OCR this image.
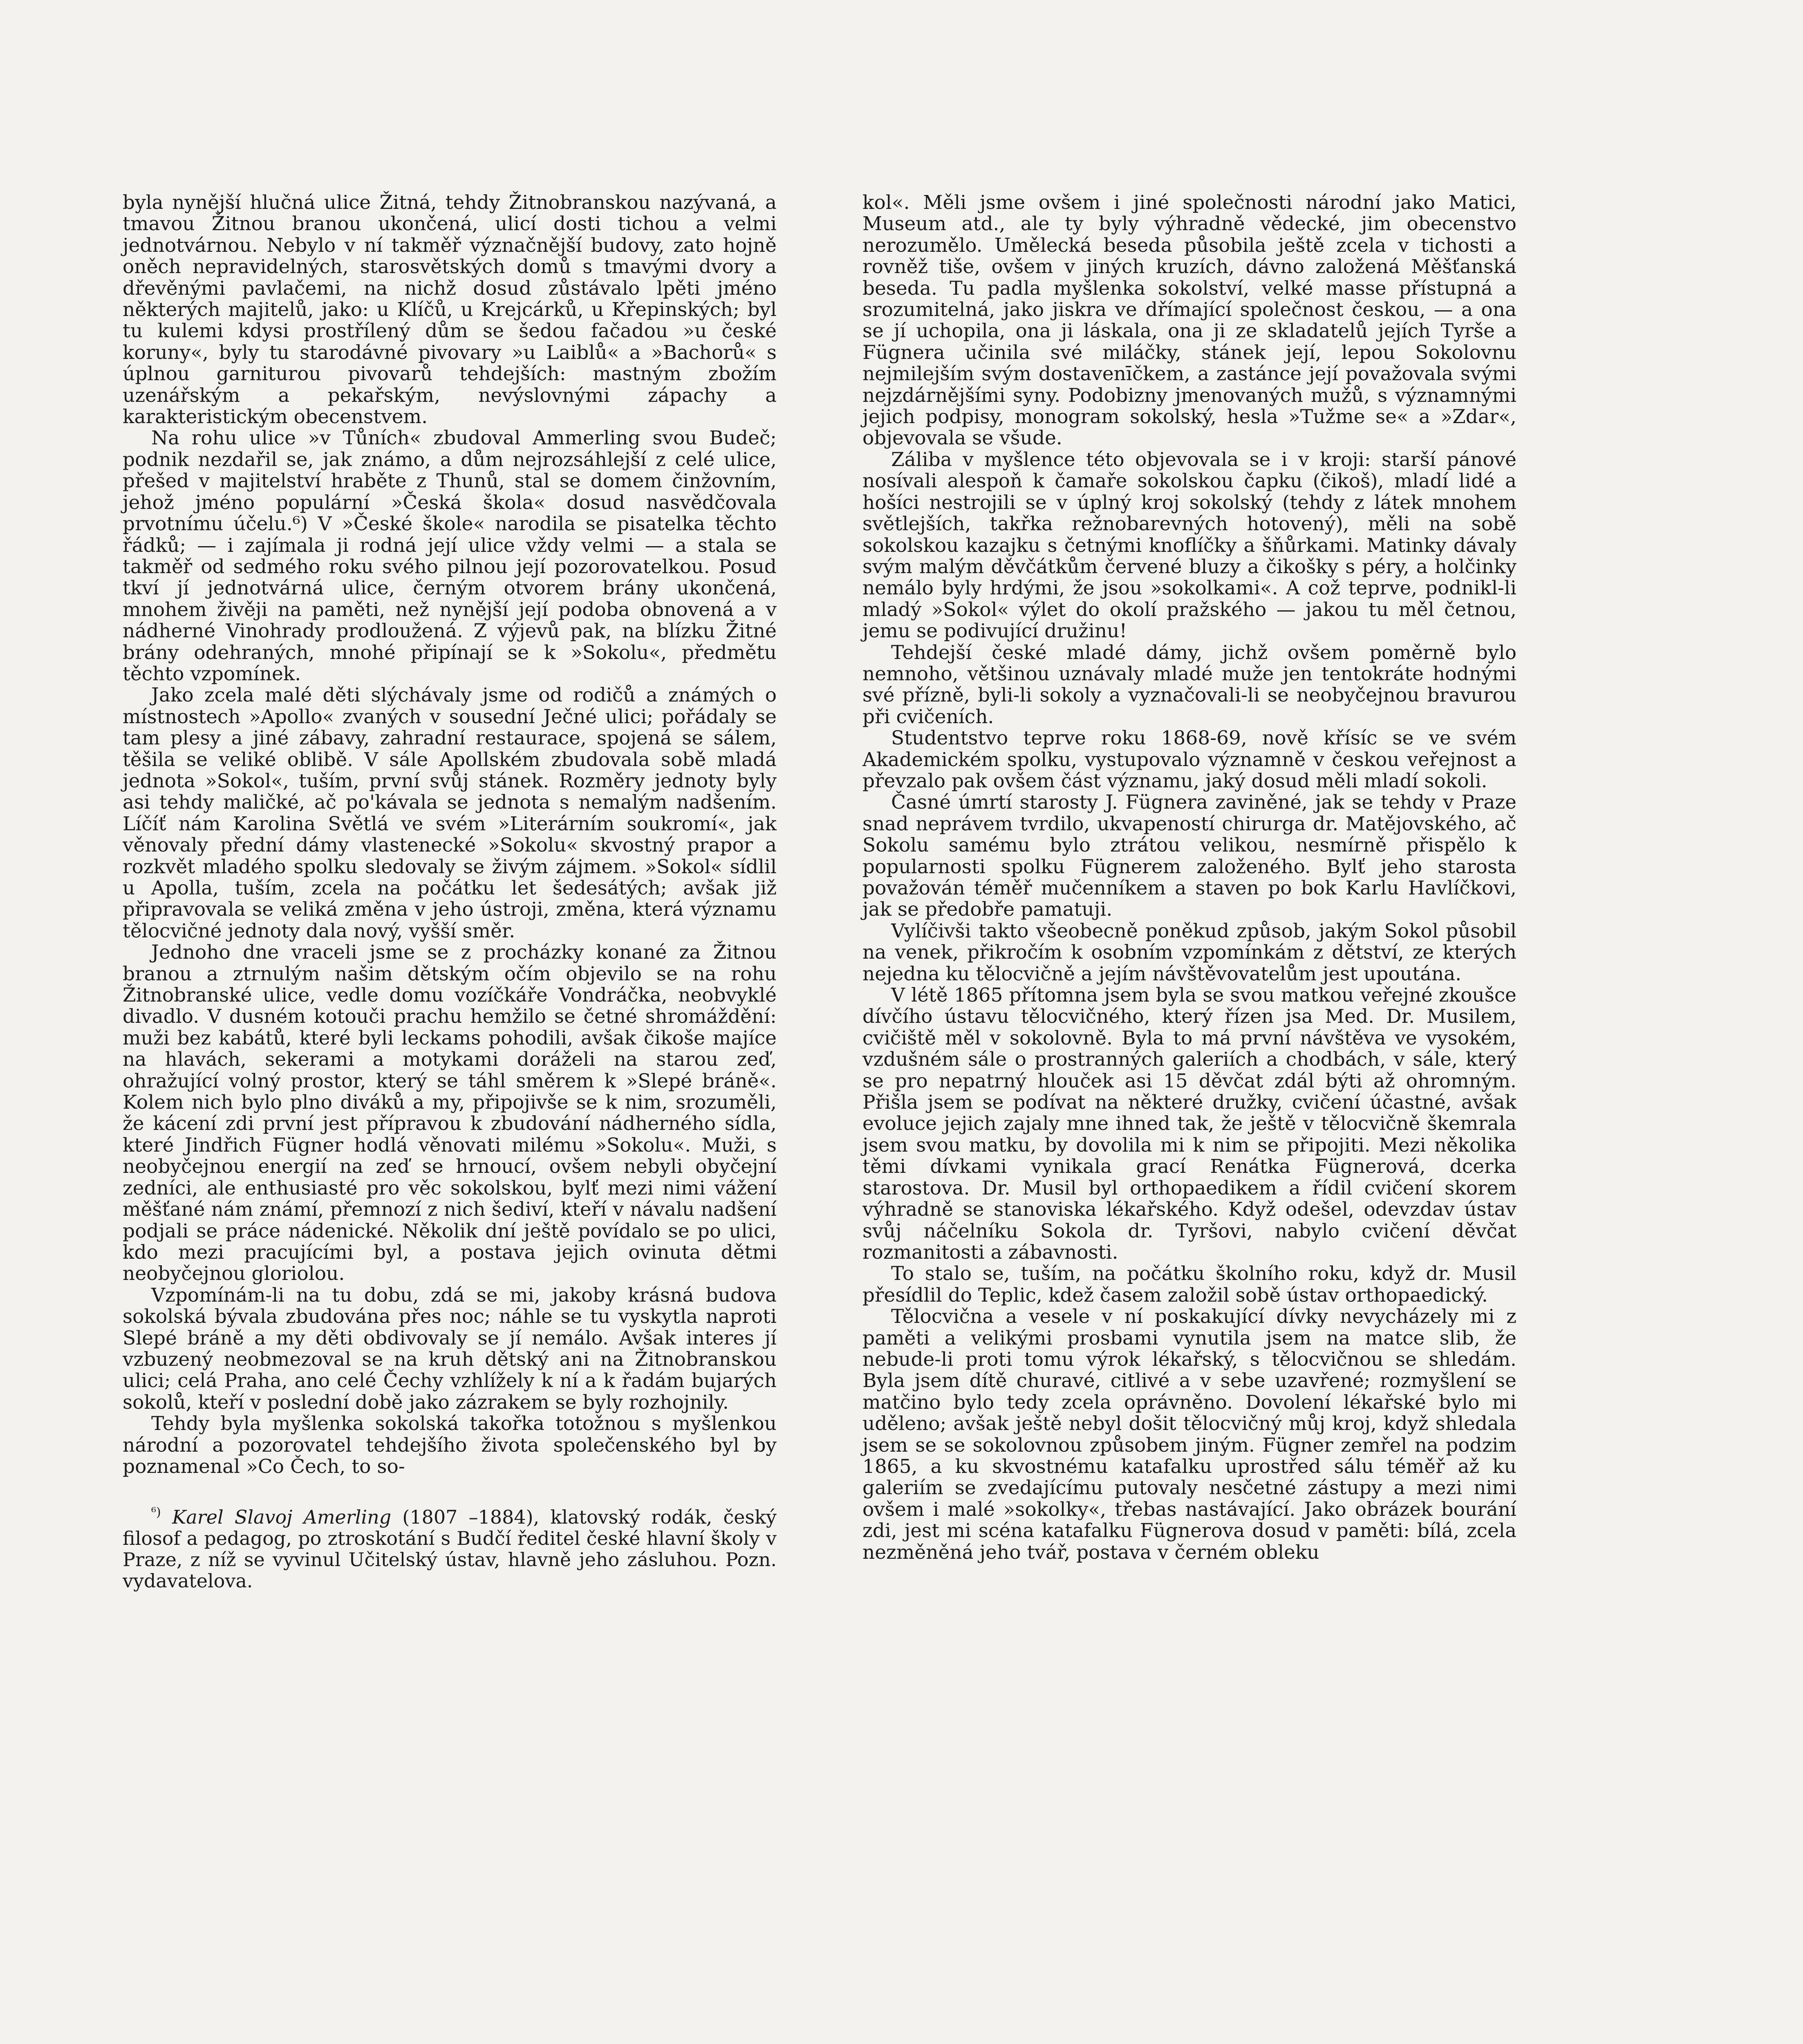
byla nynější hlučná ulice Žitná, tehdy Žitnobranskou nazývaná, a tmavou Žitnou branou ukončená, ulicí dosti tichou a velmi jednotvárnou. Nebylo v ní takměř význačnější budovy, zato hojně oněch nepravidelných, starosvětských domů s tmavými dvory a dřevěnými pavlačemi, na nichž dosud zůstávalo lpěti jméno některých majitelů, jako: u Klíčů, u Krejcárků, u Křepinských; byl tu kulemi kdysi prostřílený dům se šedou fačadou »u české koruny«, byly tu starodávné pivovary »u Laiblů« a »Bachorů« s úplnou garniturou pivovarů tehdejších: mastným zbožím uzenářským a pekařským, nevýslovnými zápachy a karakteristickým obecenstvem.

Na rohu ulice »v Tůních« zbudoval Ammerling svou Budeč; podnik nezdařil se, jak známo, a dům nejrozsáhlejší z celé ulice, přešed v majitelství hraběte z Thunů, stal se domem činžovním, jehož jméno populární »Česká škola« dosud nasvědčovala prvotnímu účelu.⁶) V »České škole« narodila se pisatelka těchto řádků; — i zajímala ji rodná její ulice vždy velmi — a stala se takměř od sedmého roku svého pilnou její pozorovatelkou. Posud tkví jí jednotvárná ulice, černým otvorem brány ukončená, mnohem živěji na paměti, než nynější její podoba obnovená a v nádherné Vinohrady prodloužená. Z výjevů pak, na blízku Žitné brány odehraných, mnohé připínají se k »Sokolu«, předmětu těchto vzpomínek.

Jako zcela malé děti slýchávaly jsme od rodičů a známých o místnostech »Apollo« zvaných v sousední Ječné ulici; pořádaly se tam plesy a jiné zábavy, zahradní restaurace, spojená se sálem, těšila se veliké oblibě. V sále Apollském zbudovala sobě mladá jednota »Sokol«, tuším, první svůj stánek. Rozměry jednoty byly asi tehdy maličké, ač po'kávala se jednota s nemalým nadšením. Líčíť nám Karolina Světlá ve svém »Literárním soukromí«, jak věnovaly přední dámy vlastenecké »Sokolu« skvostný prapor a rozkvět mladého spolku sledovaly se živým zájmem. »Sokol« sídlil u Apolla, tuším, zcela na počátku let šedesátých; avšak již připravovala se veliká změna v jeho ústroji, změna, která významu tělocvičné jednoty dala nový, vyšší směr.

Jednoho dne vraceli jsme se z procházky konané za Žitnou branou a ztrnulým našim dětským očím objevilo se na rohu Žitnobranské ulice, vedle domu vozíčkáře Vondráčka, neobvyklé divadlo. V dusném kotouči prachu hemžilo se četné shromáždění: muži bez kabátů, které byli leckams pohodili, avšak čikoše majíce na hlavách, sekerami a motykami doráželi na starou zeď, ohražující volný prostor, který se táhl směrem k »Slepé bráně«. Kolem nich bylo plno diváků a my, připojivše se k nim, srozuměli, že kácení zdi první jest přípravou k zbudování nádherného sídla, které Jindřich Fügner hodlá věnovati milému »Sokolu«. Muži, s neobyčejnou energií na zeď se hrnoucí, ovšem nebyli obyčejní zedníci, ale enthusiasté pro věc sokolskou, bylť mezi nimi vážení měšťané nám známí, přemnozí z nich šediví, kteří v návalu nadšení podjali se práce nádenické. Několik dní ještě povídalo se po ulici, kdo mezi pracujícími byl, a postava jejich ovinuta dětmi neobyčejnou gloriolou.

Vzpomínám-li na tu dobu, zdá se mi, jakoby krásná budova sokolská bývala zbudována přes noc; náhle se tu vyskytla naproti Slepé bráně a my děti obdivovaly se jí nemálo. Avšak interes jí vzbuzený neobmezoval se na kruh dětský ani na Žitnobranskou ulici; celá Praha, ano celé Čechy vzhlížely k ní a k řadám bujarých sokolů, kteří v poslední době jako zázrakem se byly rozhojnily.

Tehdy byla myšlenka sokolská takořka totožnou s myšlenkou národní a pozorovatel tehdejšího života společenského byl by poznamenal »Co Čech, to so-

$^{^6)}$ Karel Slavoj Amerling (1807 –1884), klatovský rodák, český filosof a pedagog, po ztroskotání s Budčí ředitel české hlavní školy v Praze, z níž se vyvinul Učitelský ústav, hlavně jeho zásluhou. Pozn. vydavatelova.

kol«. Měli jsme ovšem i jiné společnosti národní jako Matici, Museum atd., ale ty byly výhradně vědecké, jim obecenstvo nerozumělo. Umělecká beseda působila ještě zcela v tichosti a rovněž tiše, ovšem v jiných kruzích, dávno založená Měšťanská beseda. Tu padla myšlenka sokolství, velké masse přístupná a srozumitelná, jako jiskra ve dřímající společnost českou, — a ona se jí uchopila, ona ji láskala, ona ji ze skladatelů jejích Tyrše a Fügnera učinila své miláčky, stánek její, lepou Sokolovnu nejmilejším svým dostavenīčkem, a zastánce její považovala svými nejzdárnějšími syny. Podobizny jmenovaných mužů, s významnými jejich podpisy, monogram sokolský, hesla »Tužme se« a »Zdar«, objevovala se všude.

Záliba v myšlence této objevovala se i v kroji: starší pánové nosívali alespoň k čamaře sokolskou čapku (čikoš), mladí lidé a hošíci nestrojili se v úplný kroj sokolský (tehdy z látek mnohem světlejších, takřka režnobarevných hotovený), měli na sobě sokolskou kazajku s četnými knoflíčky a šňůrkami. Matinky dávaly svým malým děvčátkům červené bluzy a čikošky s péry, a holčinky nemálo byly hrdými, že jsou »sokolkami«. A což teprve, podnikl-li mladý »Sokol« výlet do okolí pražského — jakou tu měl četnou, jemu se podivující družinu!

Tehdejší české mladé dámy, jichž ovšem poměrně bylo nemnoho, většinou uznávaly mladé muže jen tentokráte hodnými své přízně, byli-li sokoly a vyznačovali-li se neobyčejnou bravurou při cvičeních.

Studentstvo teprve roku 1868-69, nově křísíc se ve svém Akademickém spolku, vystupovalo významně v českou veřejnost a převzalo pak ovšem část významu, jaký dosud měli mladí sokoli.

Časné úmrtí starosty J. Fügnera zaviněné, jak se tehdy v Praze snad neprávem tvrdilo, ukvapeností chirurga dr. Matějovského, ač Sokolu samému bylo ztrátou velikou, nesmírně přispělo k popularnosti spolku Fügnerem založeného. Bylť jeho starosta považován téměř mučenníkem a staven po bok Karlu Havlíčkovi, jak se předobře pamatuji.

Vylíčivši takto všeobecně poněkud způsob, jakým Sokol působil na venek, přikročím k osobním vzpomínkám z dětství, ze kterých nejedna ku tělocvičně a jejím návštěvovatelům jest upoutána.

V létě 1865 přítomna jsem byla se svou matkou veřejné zkoušce dívčího ústavu tělocvičného, který řízen jsa Med. Dr. Musilem, cvičiště měl v sokolovně. Byla to má první návštěva ve vysokém, vzdušném sále o prostranných galeriích a chodbách, v sále, který se pro nepatrný hlouček asi 15 děvčat zdál býti až ohromným. Přišla jsem se podívat na některé družky, cvičení účastné, avšak evoluce jejich zajaly mne ihned tak, že ještě v tělocvičně škemrala jsem svou matku, by dovolila mi k nim se připojiti. Mezi několika těmi dívkami vynikala grací Renátka Fügnerová, dcerka starostova. Dr. Musil byl orthopaedikem a řídil cvičení skorem výhradně se stanoviska lékařského. Když odešel, odevzdav ústav svůj náčelníku Sokola dr. Tyršovi, nabylo cvičení děvčat rozmanitosti a zábavnosti.

To stalo se, tuším, na počátku školního roku, když dr. Musil přesídlil do Teplic, kdež časem založil sobě ústav orthopaedický.

Tělocvična a vesele v ní poskakující dívky nevycházely mi z paměti a velikými prosbami vynutila jsem na matce slib, že nebude-li proti tomu výrok lékařský, s tělocvičnou se shledám. Byla jsem dítě churavé, citlivé a v sebe uzavřené; rozmyšlení se matčino bylo tedy zcela oprávněno. Dovolení lékařské bylo mi uděleno; avšak ještě nebyl došit tělocvičný můj kroj, když shledala jsem se se sokolovnou způsobem jiným. Fügner zemřel na podzim 1865, a ku skvostnému katafalku uprostřed sálu téměř až ku galeriím se zvedajícímu putovaly nesčetné zástupy a mezi nimi ovšem i malé »sokolky«, třebas nastávající. Jako obrázek bourání zdi, jest mi scéna katafalku Fügnerova dosud v paměti: bílá, zcela nezměněná jeho tvář, postava v černém obleku
